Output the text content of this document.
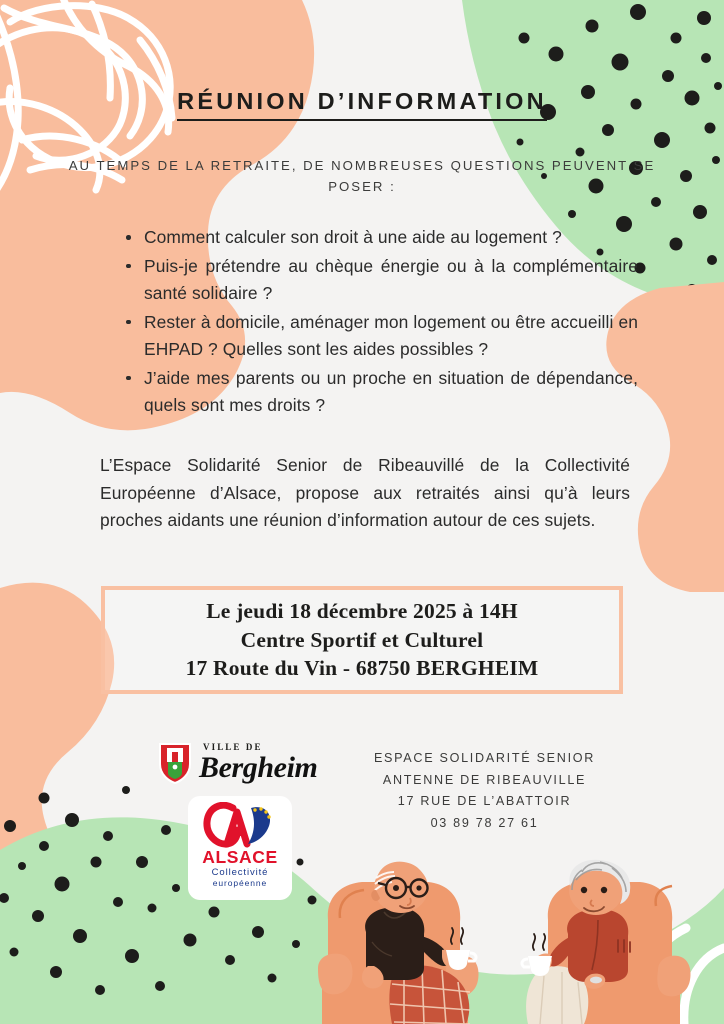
RÉUNION D’INFORMATION
AU TEMPS DE LA RETRAITE, DE NOMBREUSES QUESTIONS PEUVENT SE POSER :
Comment calculer son droit à une aide au logement ?
Puis-je prétendre au chèque énergie ou à la complémentaire santé solidaire ?
Rester à domicile, aménager mon logement ou être accueilli en EHPAD ? Quelles sont les aides possibles ?
J’aide mes parents ou un proche en situation de dépendance, quels sont mes droits ?
L’Espace Solidarité Senior de Ribeauvillé de la Collectivité Européenne d’Alsace, propose aux retraités ainsi qu’à leurs proches aidants une réunion d’information autour de ces sujets.
Le jeudi 18 décembre 2025 à 14H
Centre Sportif et Culturel
17 Route du Vin - 68750 BERGHEIM
VILLE DE
Bergheim
ALSACE
Collectivité
européenne
ESPACE SOLIDARITÉ SENIOR
ANTENNE DE RIBEAUVILLE
17 RUE DE L’ABATTOIR
03 89 78 27 61
